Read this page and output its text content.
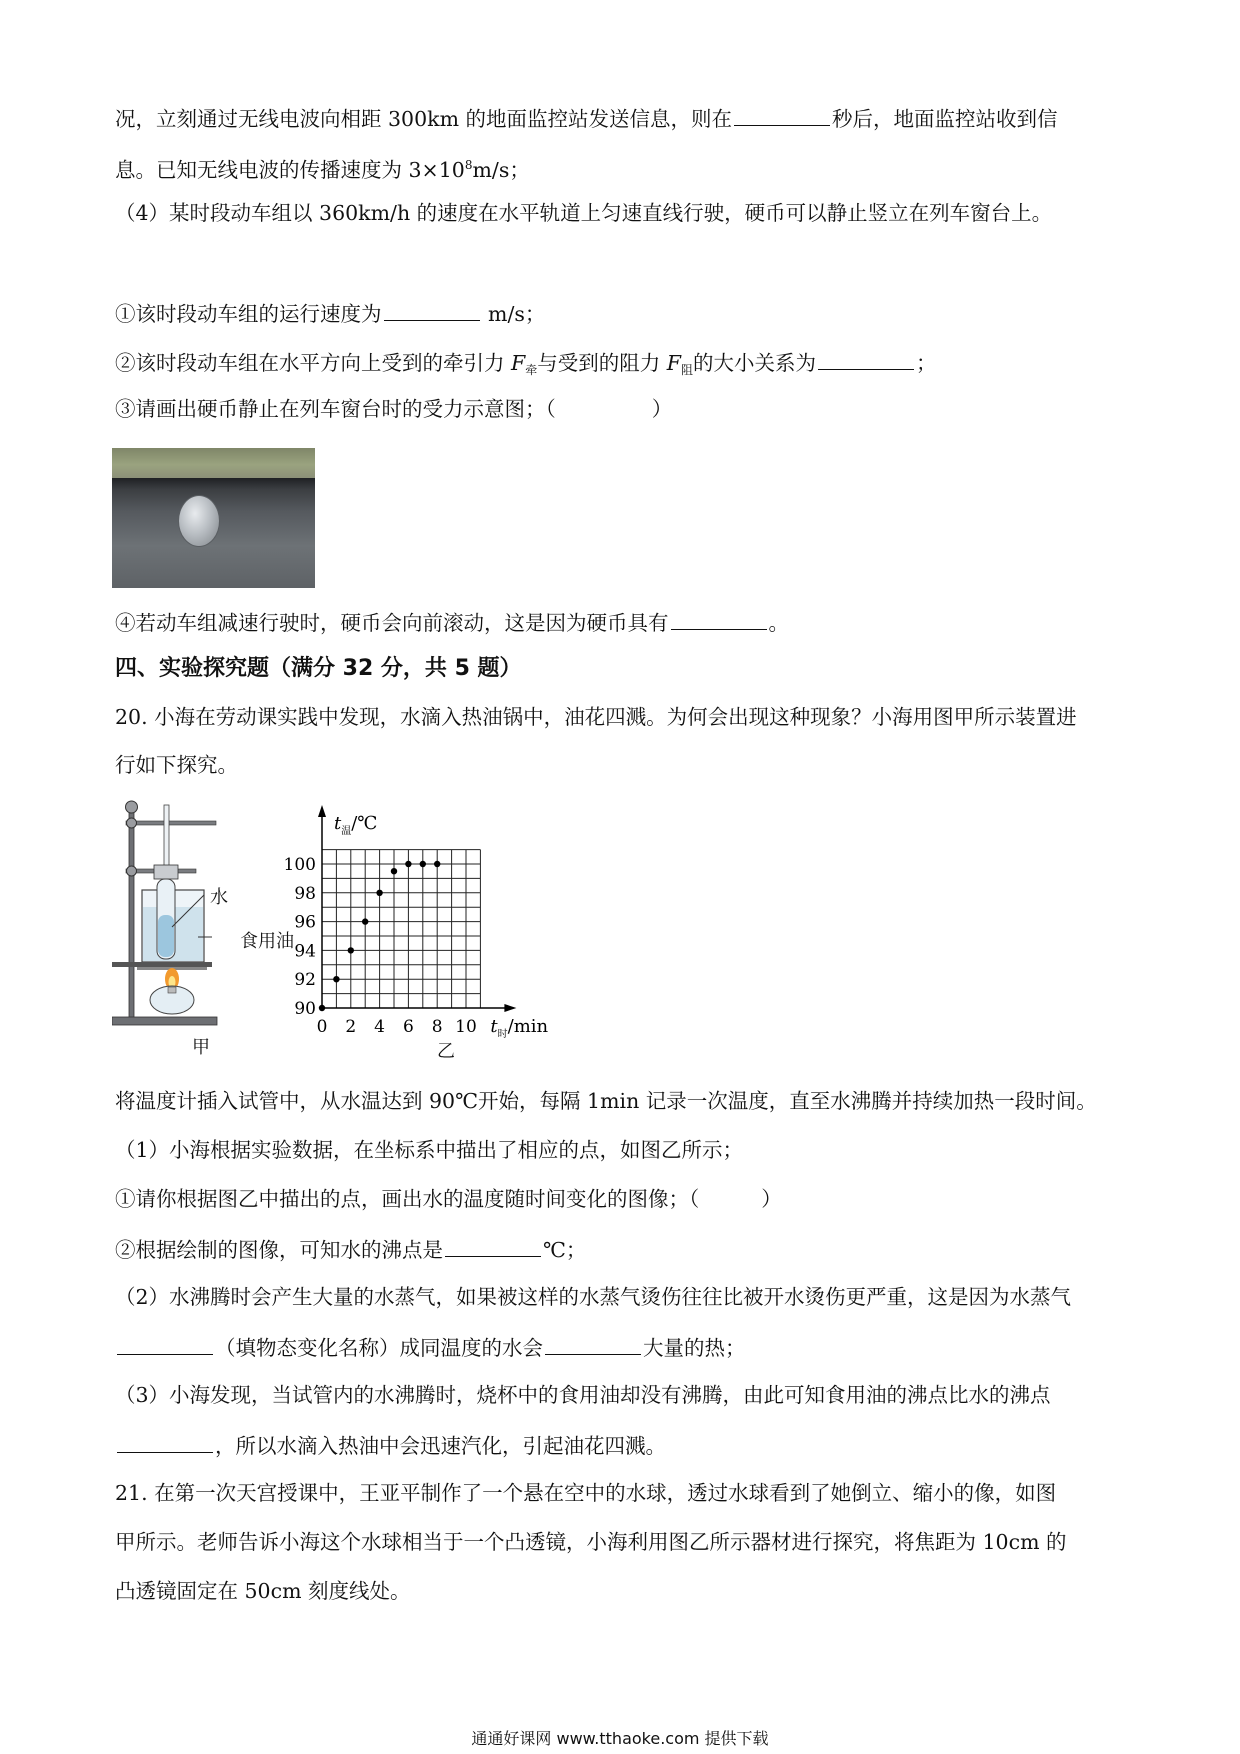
况，立刻通过无线电波向相距 300km 的地面监控站发送信息，则在	秒后，地面监控站收到信
息。已知无线电波的传播速度为 $3\times 10^8m/s$；
（4）某时段动车组以 360km/h 的速度在水平轨道上匀速直线行驶，硬币可以静止竖立在列车窗台上。
①该时段动车组的运行速度为	m/s；
②该时段动车组在水平方向上受到的牵引力 $F_牵$与受到的阻力 $F_阻$的大小关系为	；
③请画出硬币静止在列车窗台时的受力示意图；（	）
④若动车组减速行驶时，硬币会向前滚动，这是因为硬币具有	。
四、实验探究题（满分 32 分，共 5 题）
20. 小海在劳动课实践中发现，水滴入热油锅中，油花四溅。为何会出现这种现象？小海用图甲所示装置进
行如下探究。
水
食用油
甲
0 2 4 6 8 10
90
92
94
96
98
100
$t_温/℃$
$t_时/\min$
乙
将温度计插入试管中，从水温达到 90℃开始，每隔 1min 记录一次温度，直至水沸腾并持续加热一段时间。
（1）小海根据实验数据，在坐标系中描出了相应的点，如图乙所示；
①请你根据图乙中描出的点，画出水的温度随时间变化的图像；（	）
②根据绘制的图像，可知水的沸点是	℃；
（2）水沸腾时会产生大量的水蒸气，如果被这样的水蒸气烫伤往往比被开水烫伤更严重，这是因为水蒸气
（填物态变化名称）成同温度的水会	大量的热；
（3）小海发现，当试管内的水沸腾时，烧杯中的食用油却没有沸腾，由此可知食用油的沸点比水的沸点
，所以水滴入热油中会迅速汽化，引起油花四溅。
21. 在第一次天宫授课中，王亚平制作了一个悬在空中的水球，透过水球看到了她倒立、缩小的像，如图
甲所示。老师告诉小海这个水球相当于一个凸透镜，小海利用图乙所示器材进行探究，将焦距为 10cm 的
凸透镜固定在 50cm 刻度线处。
通通好课网 www.tthaoke.com 提供下载
